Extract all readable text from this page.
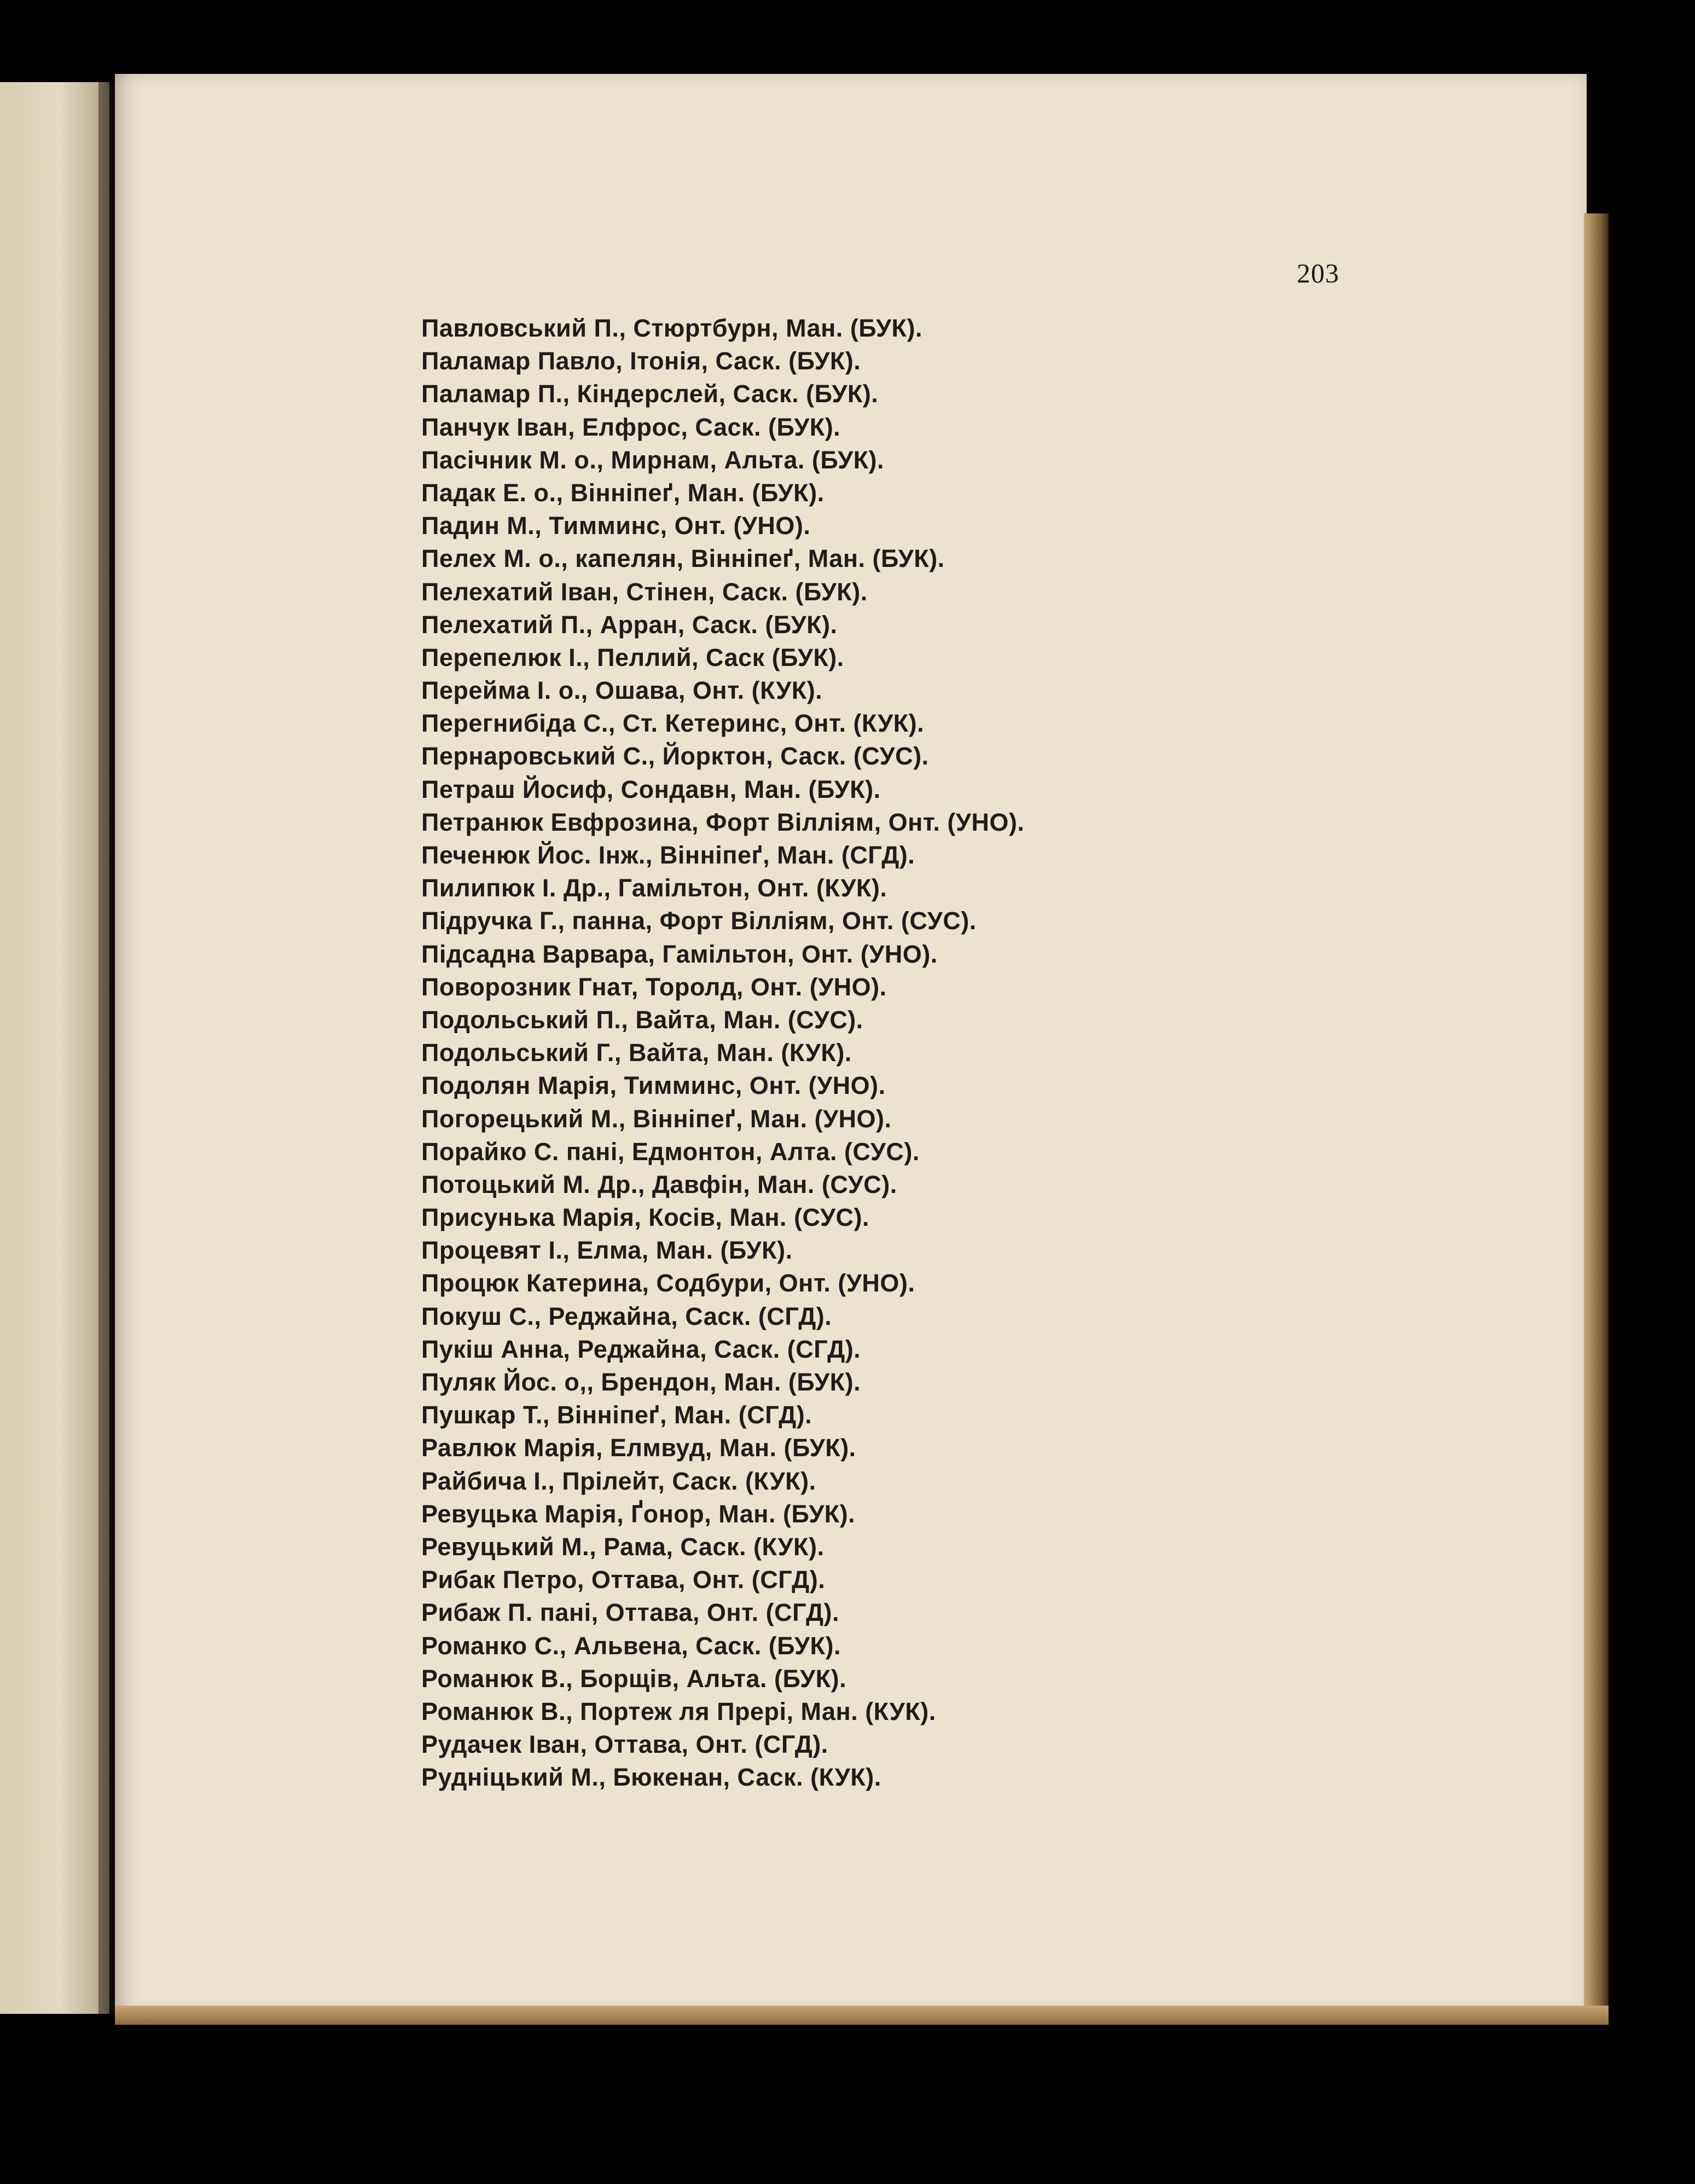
203
Павловський П., Стюртбурн, Ман. (БУК).
Паламар Павло, Ітонія, Саск. (БУК).
Паламар П., Кіндерслей, Саск. (БУК).
Панчук Іван, Елфрос, Саск. (БУК).
Пасічник М. о., Мирнам, Альта. (БУК).
Падак Е. о., Вінніпеґ, Ман. (БУК).
Падин М., Тимминс, Онт. (УНО).
Пелех М. о., капелян, Вінніпеґ, Ман. (БУК).
Пелехатий Іван, Стінен, Саск. (БУК).
Пелехатий П., Арран, Саск. (БУК).
Перепелюк І., Пеллий, Саск (БУК).
Перейма І. о., Ошава, Онт. (КУК).
Перегнибіда С., Ст. Кетеринс, Онт. (КУК).
Пернаровський С., Йорктон, Саск. (СУС).
Петраш Йосиф, Сондавн, Ман. (БУК).
Петранюк Евфрозина, Форт Вілліям, Онт. (УНО).
Печенюк Йос. Інж., Вінніпеґ, Ман. (СГД).
Пилипюк І. Др., Гамільтон, Онт. (КУК).
Підручка Г., панна, Форт Вілліям, Онт. (СУС).
Підсадна Варвара, Гамільтон, Онт. (УНО).
Поворозник Гнат, Торолд, Онт. (УНО).
Подольський П., Вайта, Ман. (СУС).
Подольський Г., Вайта, Ман. (КУК).
Подолян Марія, Тимминс, Онт. (УНО).
Погорецький М., Вінніпеґ, Ман. (УНО).
Порайко С. пані, Едмонтон, Алта. (СУС).
Потоцький М. Др., Давфін, Ман. (СУС).
Присунька Марія, Косів, Ман. (СУС).
Процевят І., Елма, Ман. (БУК).
Процюк Катерина, Содбури, Онт. (УНО).
Покуш С., Реджайна, Саск. (СГД).
Пукіш Анна, Реджайна, Саск. (СГД).
Пуляк Йос. о,, Брендон, Ман. (БУК).
Пушкар Т., Вінніпеґ, Ман. (СГД).
Равлюк Марія, Елмвуд, Ман. (БУК).
Райбича І., Прілейт, Саск. (КУК).
Ревуцька Марія, Ґонор, Ман. (БУК).
Ревуцький М., Рама, Саск. (КУК).
Рибак Петро, Оттава, Онт. (СГД).
Рибаж П. пані, Оттава, Онт. (СГД).
Романко С., Альвена, Саск. (БУК).
Романюк В., Борщів, Альта. (БУК).
Романюк В., Портеж ля Прері, Ман. (КУК).
Рудачек Іван, Оттава, Онт. (СГД).
Рудніцький М., Бюкенан, Саск. (КУК).
